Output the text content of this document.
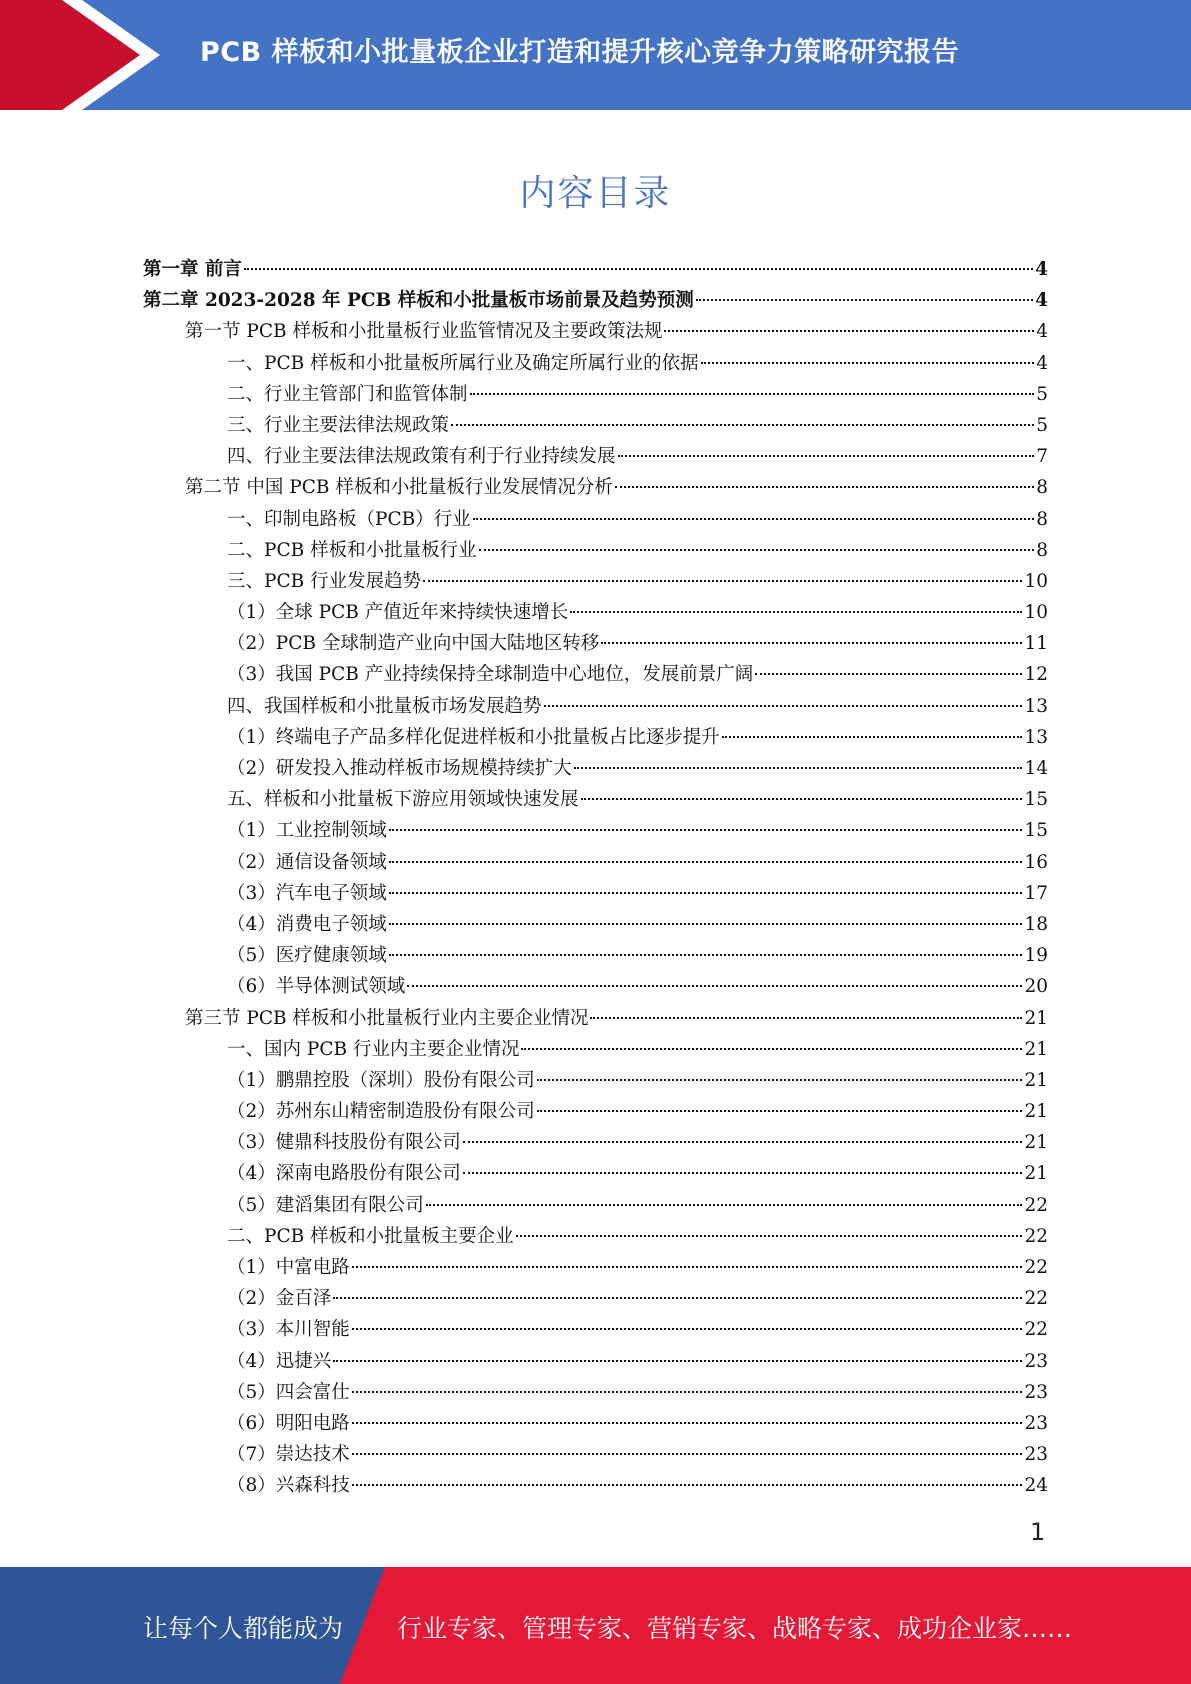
PCB 样板和小批量板企业打造和提升核心竞争力策略研究报告
内容目录
第一章 前言	4
第二章 2023-2028 年 PCB 样板和小批量板市场前景及趋势预测	4
第一节 PCB 样板和小批量板行业监管情况及主要政策法规	4
一、PCB 样板和小批量板所属行业及确定所属行业的依据	4
二、行业主管部门和监管体制	5
三、行业主要法律法规政策	5
四、行业主要法律法规政策有利于行业持续发展	7
第二节 中国 PCB 样板和小批量板行业发展情况分析	8
一、印制电路板（PCB）行业	8
二、PCB 样板和小批量板行业	8
三、PCB 行业发展趋势	10
（1）全球 PCB 产值近年来持续快速增长	10
（2）PCB 全球制造产业向中国大陆地区转移	11
（3）我国 PCB 产业持续保持全球制造中心地位，发展前景广阔	12
四、我国样板和小批量板市场发展趋势	13
（1）终端电子产品多样化促进样板和小批量板占比逐步提升	13
（2）研发投入推动样板市场规模持续扩大	14
五、样板和小批量板下游应用领域快速发展	15
（1）工业控制领域	15
（2）通信设备领域	16
（3）汽车电子领域	17
（4）消费电子领域	18
（5）医疗健康领域	19
（6）半导体测试领域	20
第三节 PCB 样板和小批量板行业内主要企业情况	21
一、国内 PCB 行业内主要企业情况	21
（1）鹏鼎控股（深圳）股份有限公司	21
（2）苏州东山精密制造股份有限公司	21
（3）健鼎科技股份有限公司	21
（4）深南电路股份有限公司	21
（5）建滔集团有限公司	22
二、PCB 样板和小批量板主要企业	22
（1）中富电路	22
（2）金百泽	22
（3）本川智能	22
（4）迅捷兴	23
（5）四会富仕	23
（6）明阳电路	23
（7）崇达技术	23
（8）兴森科技	24
1
让每个人都能成为 行业专家、管理专家、营销专家、战略专家、成功企业家……
